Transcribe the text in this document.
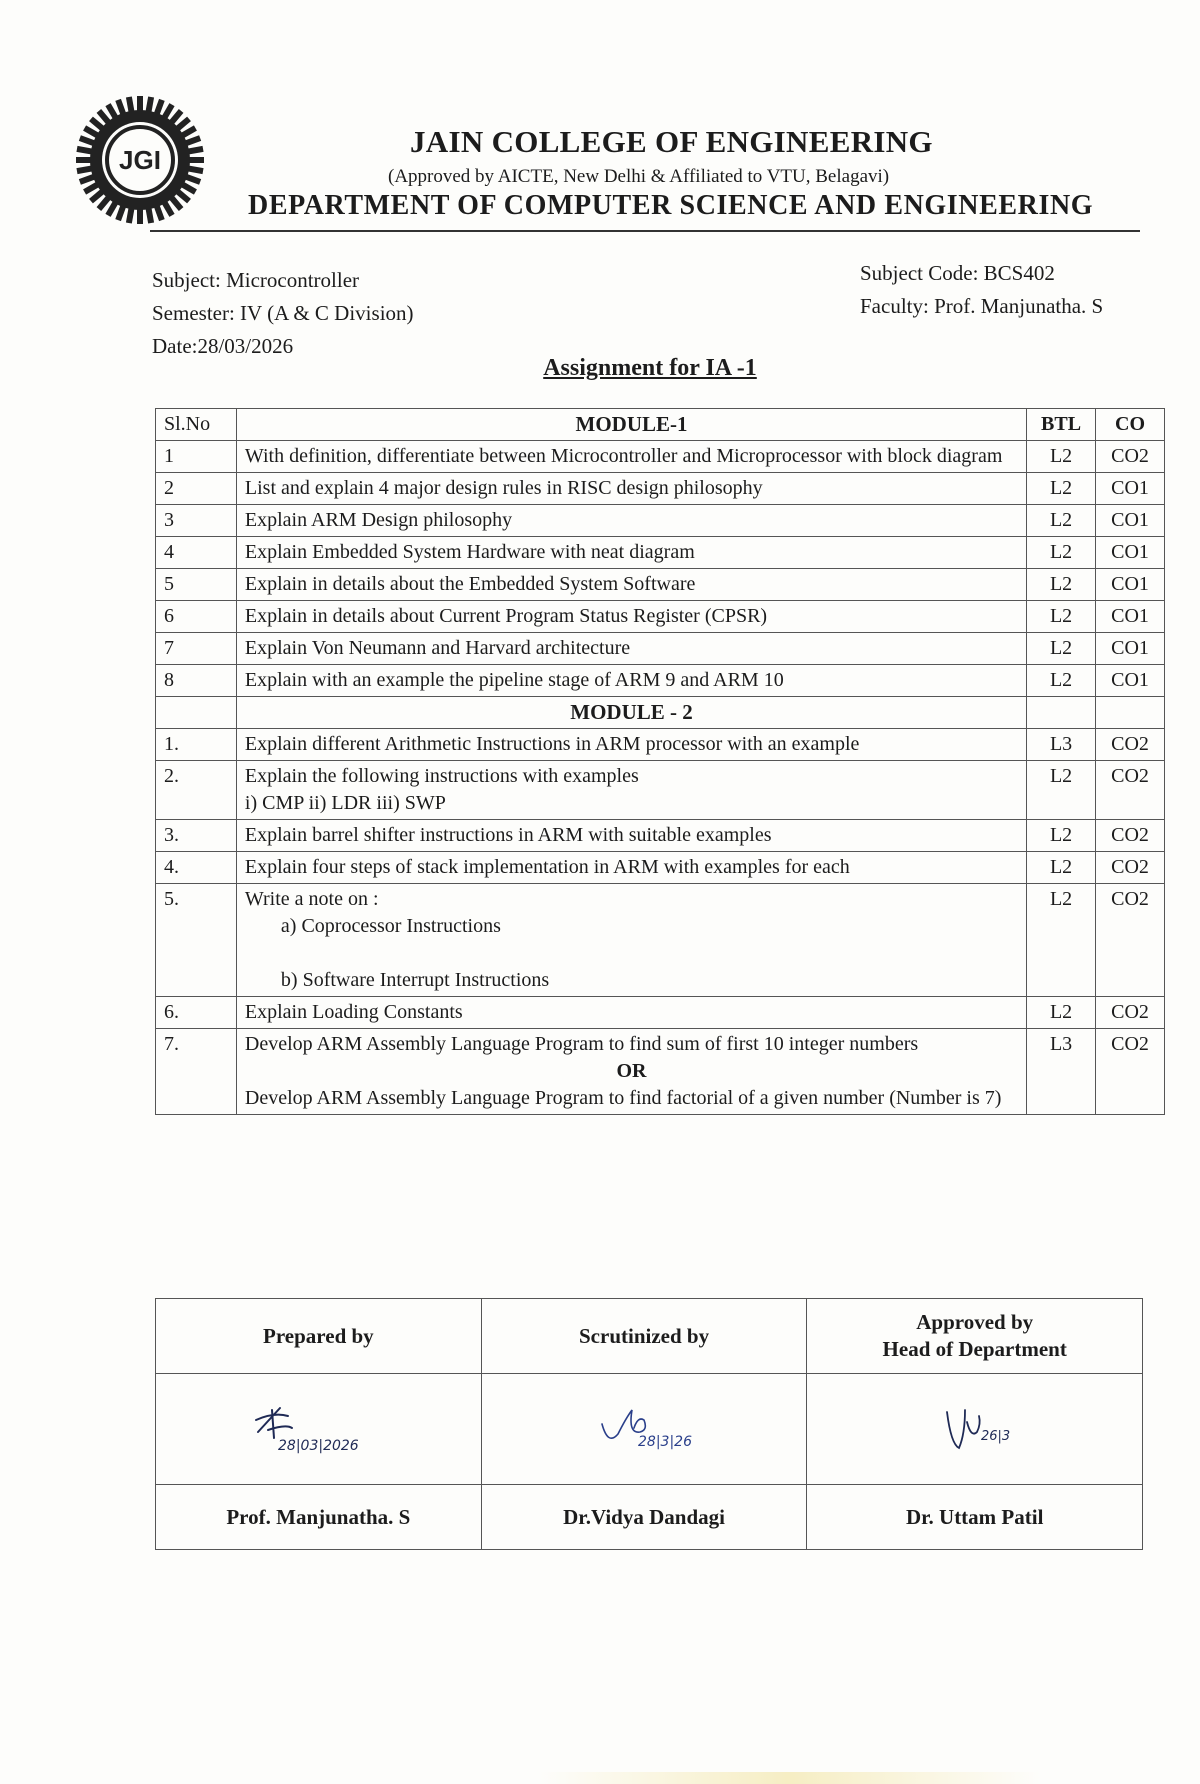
JGI
JAIN COLLEGE OF ENGINEERING
(Approved by AICTE, New Delhi & Affiliated to VTU, Belagavi)
DEPARTMENT OF COMPUTER SCIENCE AND ENGINEERING
Subject: Microcontroller
Semester: IV (A & C Division)
Date:28/03/2026
Subject Code: BCS402
Faculty: Prof. Manjunatha. S
Assignment for IA -1
Sl.No	MODULE-1	BTL	CO
1	With definition, differentiate between Microcontroller and Microprocessor with block diagram	L2	CO2
2	List and explain 4 major design rules in RISC design philosophy	L2	CO1
3	Explain ARM Design philosophy	L2	CO1
4	Explain Embedded System Hardware with neat diagram	L2	CO1
5	Explain in details about the Embedded System Software	L2	CO1
6	Explain in details about Current Program Status Register (CPSR)	L2	CO1
7	Explain Von Neumann and Harvard architecture	L2	CO1
8	Explain with an example the pipeline stage of ARM 9 and ARM 10	L2	CO1
	MODULE - 2		
1.	Explain different Arithmetic Instructions in ARM processor with an example	L3	CO2
2.	Explain the following instructions with examples
i) CMP ii) LDR iii) SWP	L2	CO2
3.	Explain barrel shifter instructions in ARM with suitable examples	L2	CO2
4.	Explain four steps of stack implementation in ARM with examples for each	L2	CO2
5.	Write a note on :
a) Coprocessor Instructions
b) Software Interrupt Instructions	L2	CO2
6.	Explain Loading Constants	L2	CO2
7.	Develop ARM Assembly Language Program to find sum of first 10 integer numbers
OR
Develop ARM Assembly Language Program to find factorial of a given number (Number is 7)	L3	CO2
Prepared by	Scrutinized by	Approved by
Head of Department

28|03|2026	28|3|26	26|3

Prof. Manjunatha. S	Dr.Vidya Dandagi	Dr. Uttam Patil
